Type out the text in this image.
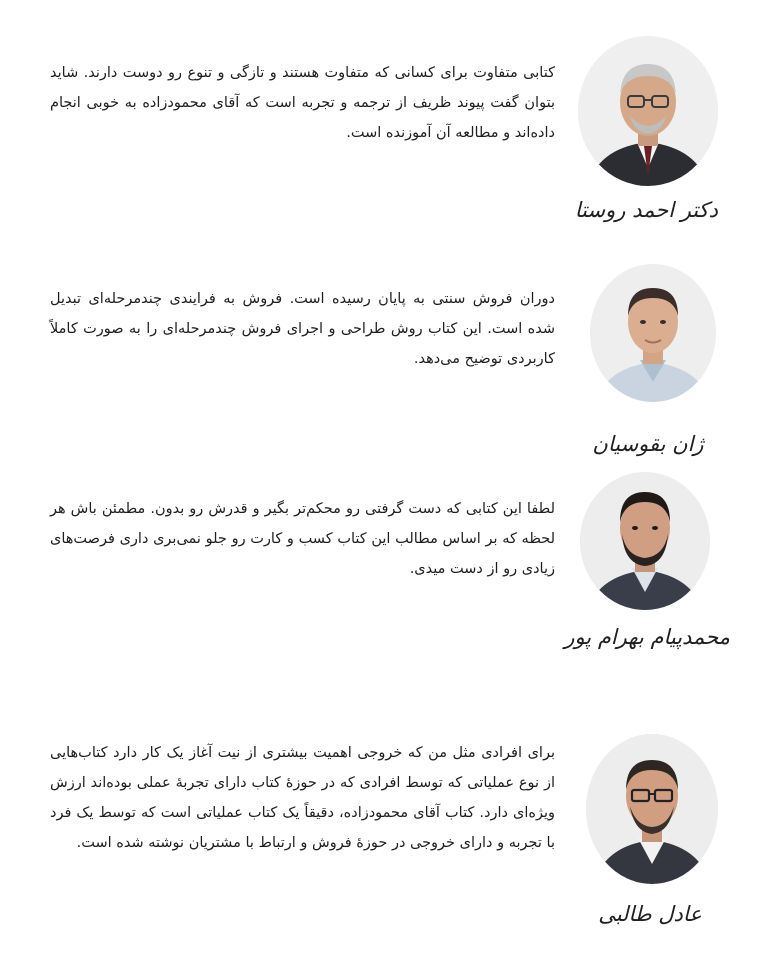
کتابی متفاوت برای کسانی که متفاوت هستند و تازگی و تنوع رو دوست دارند. شاید بتوان گفت پیوند ظریف از ترجمه و تجربه است که آقای محمودزاده به خوبی انجام داده‌اند و مطالعه آن آموزنده است.

دکتر احمد روستا

دوران فروش سنتی به پایان رسیده است. فروش به فرایندی چندمرحله‌ای تبدیل شده است. این کتاب روش طراحی و اجرای فروش چندمرحله‌ای را به صورت کاملاً کاربردی توضیح می‌دهد.

ژان بقوسیان

لطفا این کتابی که دست گرفتی رو محکم‌تر بگیر و قدرش رو بدون. مطمئن باش هر لحظه که بر اساس مطالب این کتاب کسب و کارت رو جلو نمی‌بری داری فرصت‌های زیادی رو از دست میدی.

محمدپیام بهرام پور

برای افرادی مثل من که خروجی اهمیت بیشتری از نیت آغاز یک کار دارد کتاب‌هایی از نوع عملیاتی که توسط افرادی که در حوزهٔ کتاب دارای تجربهٔ عملی بوده‌اند ارزش ویژه‌ای دارد. کتاب آقای محمودزاده، دقیقاً یک کتاب عملیاتی است که توسط یک فرد با تجربه و دارای خروجی در حوزهٔ فروش و ارتباط با مشتریان نوشته شده است.

عادل طالبی
